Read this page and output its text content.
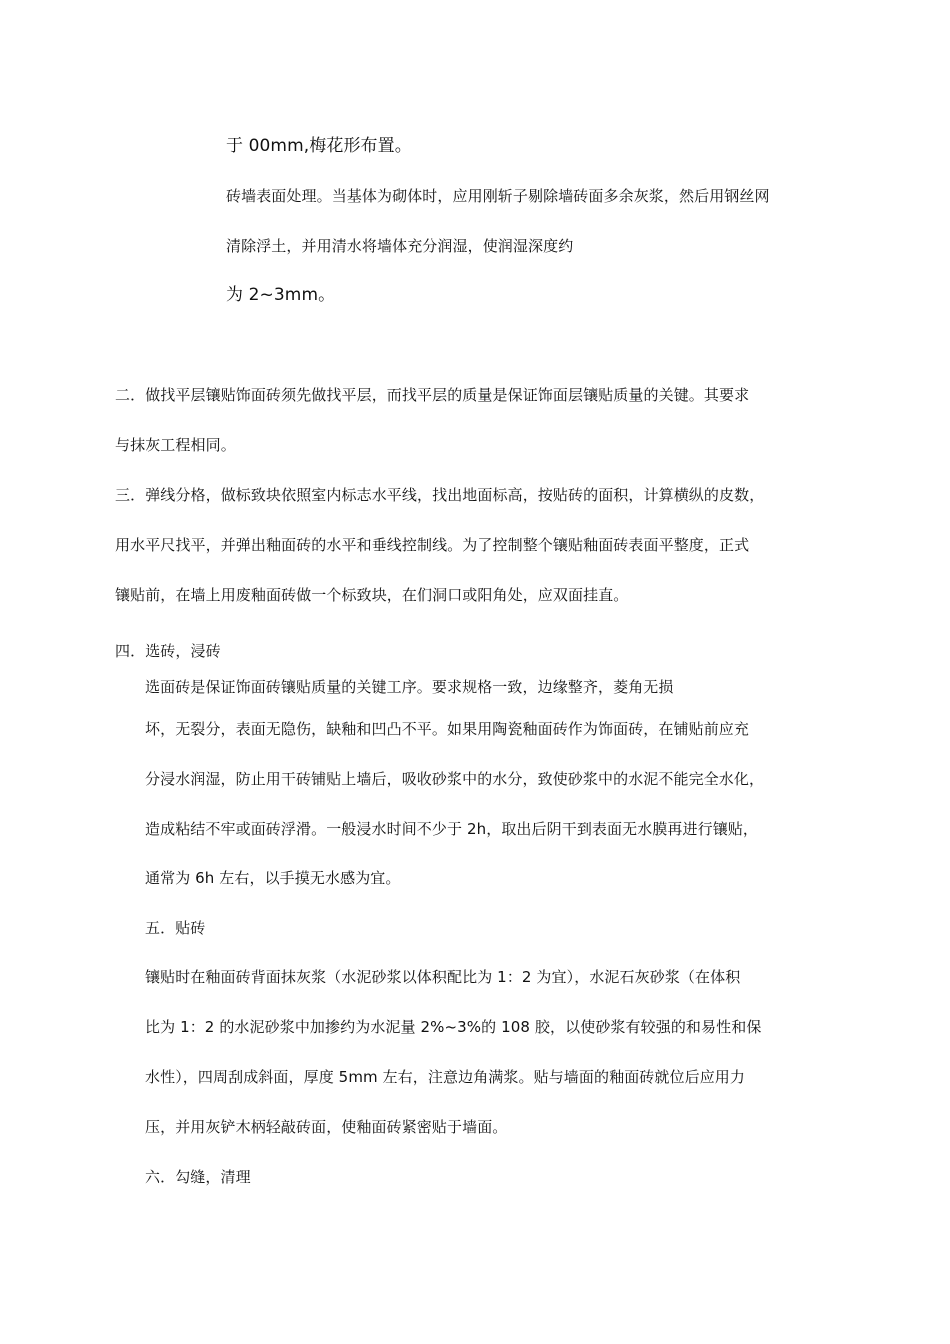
于 00mm,梅花形布置。
砖墙表面处理。当基体为砌体时，应用刚斩子剔除墙砖面多余灰浆，然后用钢丝网
清除浮土，并用清水将墙体充分润湿，使润湿深度约
为 2~3mm。
二．做找平层镶贴饰面砖须先做找平层，而找平层的质量是保证饰面层镶贴质量的关键。其要求
与抹灰工程相同。
三．弹线分格，做标致块依照室内标志水平线，找出地面标高，按贴砖的面积，计算横纵的皮数，
用水平尺找平，并弹出釉面砖的水平和垂线控制线。为了控制整个镶贴釉面砖表面平整度，正式
镶贴前，在墙上用废釉面砖做一个标致块，在们洞口或阳角处，应双面挂直。
四．选砖，浸砖
选面砖是保证饰面砖镶贴质量的关键工序。要求规格一致，边缘整齐，菱角无损
坏，无裂分，表面无隐伤，缺釉和凹凸不平。如果用陶瓷釉面砖作为饰面砖，在铺贴前应充
分浸水润湿，防止用干砖铺贴上墙后，吸收砂浆中的水分，致使砂浆中的水泥不能完全水化，
造成粘结不牢或面砖浮滑。一般浸水时间不少于 2h，取出后阴干到表面无水膜再进行镶贴，
通常为 6h 左右，以手摸无水感为宜。
五．贴砖
镶贴时在釉面砖背面抹灰浆（水泥砂浆以体积配比为 1：2 为宜），水泥石灰砂浆（在体积
比为 1：2 的水泥砂浆中加掺约为水泥量 2%~3%的 108 胶，以使砂浆有较强的和易性和保
水性），四周刮成斜面，厚度 5mm 左右，注意边角满浆。贴与墙面的釉面砖就位后应用力
压，并用灰铲木柄轻敲砖面，使釉面砖紧密贴于墙面。
六．勾缝，清理
